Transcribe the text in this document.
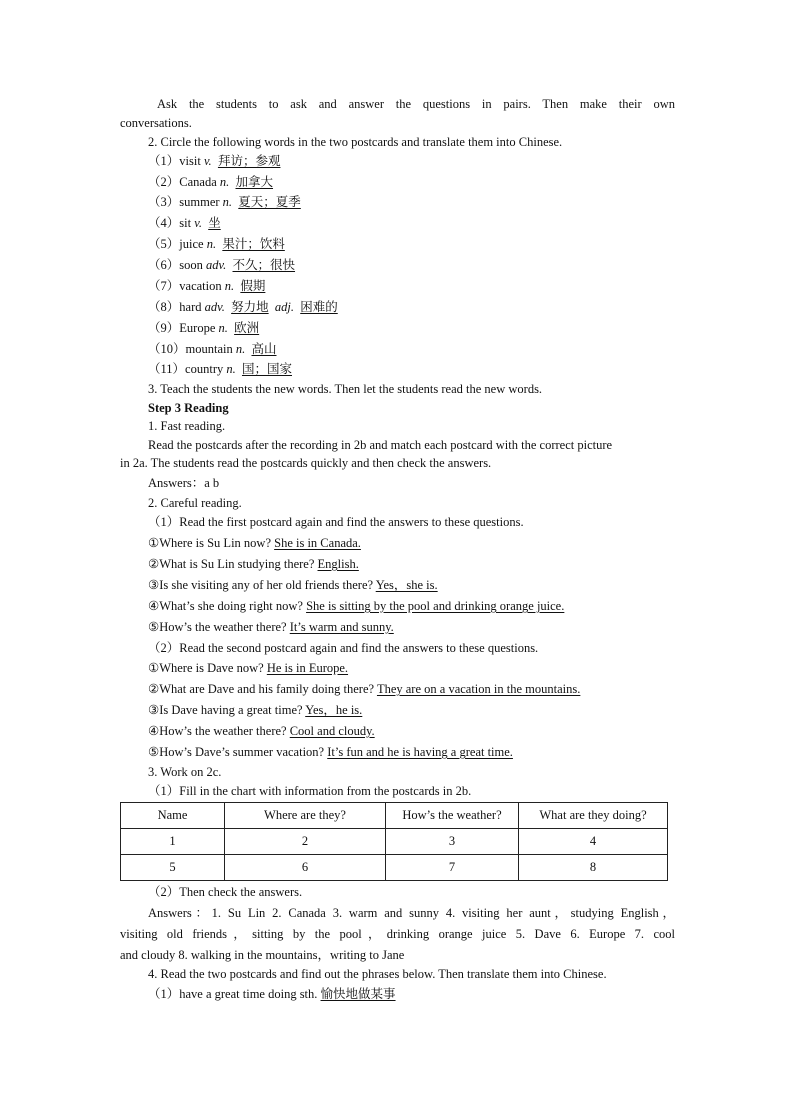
Ask the students to ask and answer the questions in pairs. Then make their own
conversations.
2. Circle the following words in the two postcards and translate them into Chinese.
（1）visit v. 拜访；参观
（2）Canada n. 加拿大
（3）summer n. 夏天；夏季
（4）sit v. 坐
（5）juice n. 果汁；饮料
（6）soon adv. 不久；很快
（7）vacation n. 假期
（8）hard adv. 努力地 adj. 困难的
（9）Europe n. 欧洲
（10）mountain n. 高山
（11）country n. 国；国家
3. Teach the students the new words. Then let the students read the new words.
Step 3 Reading
1. Fast reading.
Read the postcards after the recording in 2b and match each postcard with the correct picture
in 2a. The students read the postcards quickly and then check the answers.
Answers：a b
2. Careful reading.
（1）Read the first postcard again and find the answers to these questions.
①Where is Su Lin now? She is in Canada.
②What is Su Lin studying there? English.
③Is she visiting any of her old friends there? Yes，she is.
④What’s she doing right now? She is sitting by the pool and drinking orange juice.
⑤How’s the weather there? It’s warm and sunny.
（2）Read the second postcard again and find the answers to these questions.
①Where is Dave now? He is in Europe.
②What are Dave and his family doing there? They are on a vacation in the mountains.
③Is Dave having a great time? Yes，he is.
④How’s the weather there? Cool and cloudy.
⑤How’s Dave’s summer vacation? It’s fun and he is having a great time.
3. Work on 2c.
（1）Fill in the chart with information from the postcards in 2b.
Name	Where are they?	How’s the weather?	What are they doing?
1	2	3	4
5	6	7	8
（2）Then check the answers.
Answers：1. Su Lin 2. Canada 3. warm and sunny 4. visiting her aunt，studying English，
visiting old friends，sitting by the pool，drinking orange juice 5. Dave 6. Europe 7. cool
and cloudy 8. walking in the mountains，writing to Jane
4. Read the two postcards and find out the phrases below. Then translate them into Chinese.
（1）have a great time doing sth. 愉快地做某事
